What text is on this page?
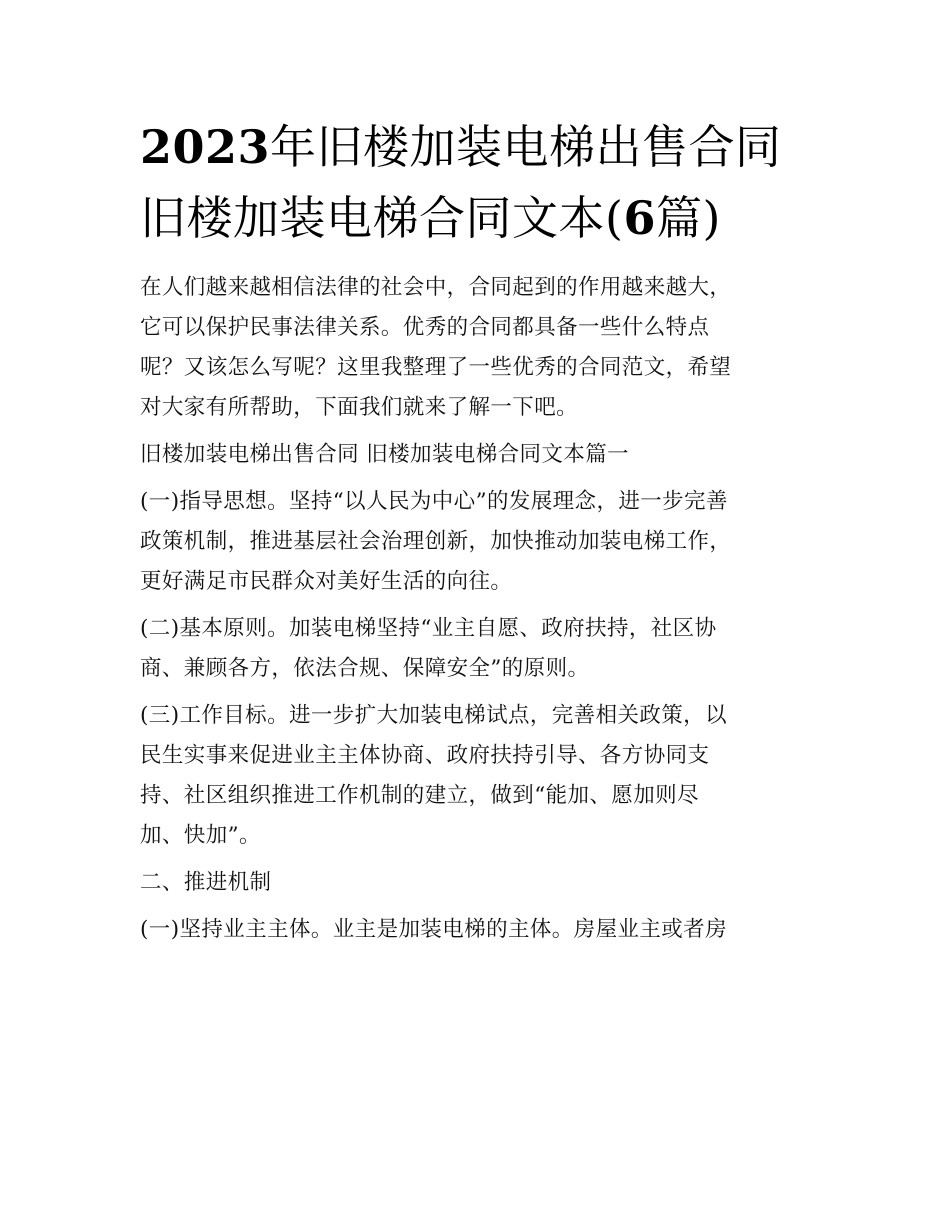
2023年旧楼加装电梯出售合同
旧楼加装电梯合同文本(6篇)

在人们越来越相信法律的社会中，合同起到的作用越来越大，
它可以保护民事法律关系。优秀的合同都具备一些什么特点
呢？又该怎么写呢？这里我整理了一些优秀的合同范文，希望
对大家有所帮助，下面我们就来了解一下吧。

旧楼加装电梯出售合同 旧楼加装电梯合同文本篇一

(一)指导思想。坚持“以人民为中心”的发展理念，进一步完善
政策机制，推进基层社会治理创新，加快推动加装电梯工作，
更好满足市民群众对美好生活的向往。

(二)基本原则。加装电梯坚持“业主自愿、政府扶持，社区协
商、兼顾各方，依法合规、保障安全”的原则。

(三)工作目标。进一步扩大加装电梯试点，完善相关政策，以
民生实事来促进业主主体协商、政府扶持引导、各方协同支
持、社区组织推进工作机制的建立，做到“能加、愿加则尽
加、快加”。

二、推进机制

(一)坚持业主主体。业主是加装电梯的主体。房屋业主或者房
